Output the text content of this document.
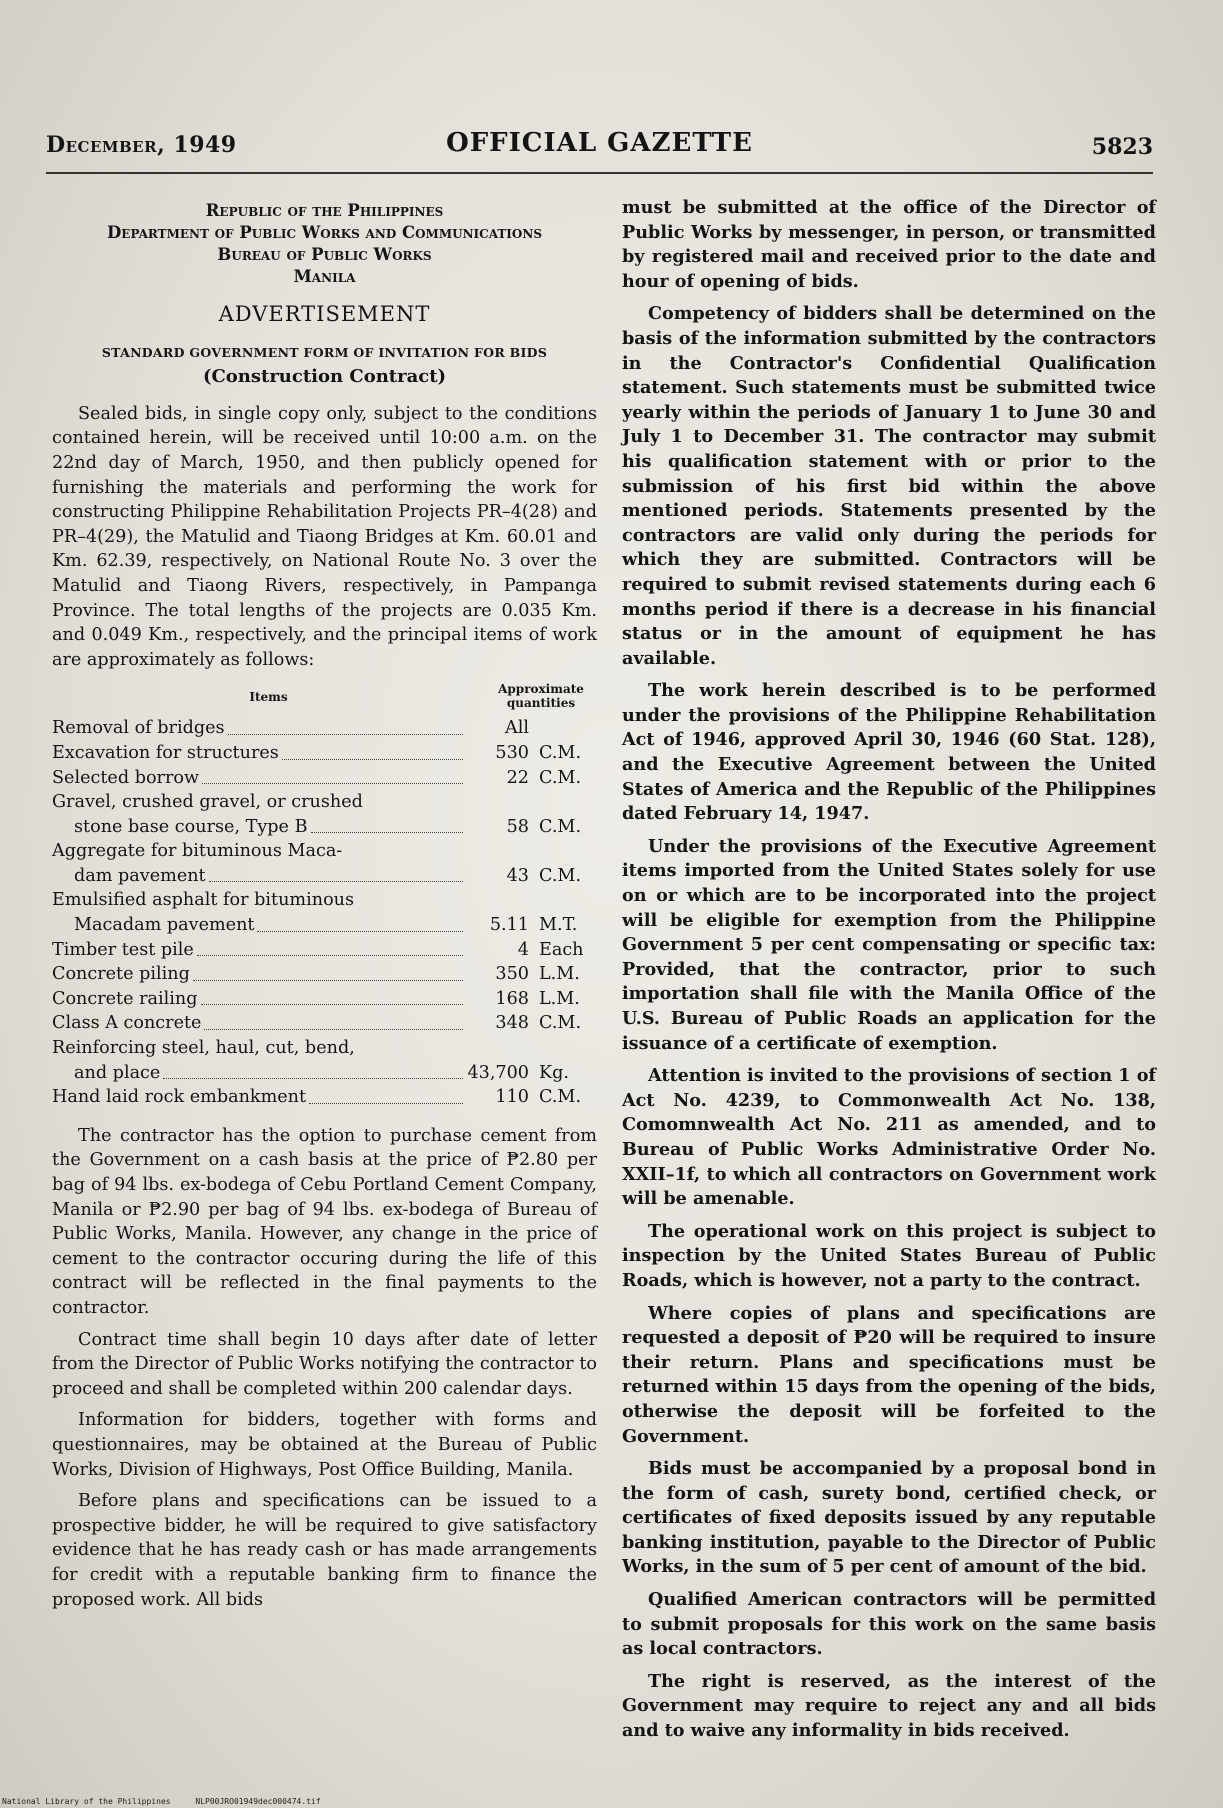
December, 1949	OFFICIAL GAZETTE	5823
Republic of the Philippines
Department of Public Works and Communications
Bureau of Public Works
Manila
ADVERTISEMENT
STANDARD GOVERNMENT FORM OF INVITATION FOR BIDS
(Construction Contract)

Sealed bids, in single copy only, subject to the conditions contained herein, will be received until 10:00 a.m. on the 22nd day of March, 1950, and then publicly opened for furnishing the materials and performing the work for constructing Philippine Rehabilitation Projects PR–4(28) and PR–4(29), the Matulid and Tiaong Bridges at Km. 60.01 and Km. 62.39, respectively, on National Route No. 3 over the Matulid and Tiaong Rivers, respectively, in Pampanga Province. The total lengths of the projects are 0.035 Km. and 0.049 Km., respectively, and the principal items of work are approximately as follows:

Items
Approximate quantities
Removal of bridges	All
Excavation for structures	530 C.M.
Selected borrow	22 C.M.
Gravel, crushed gravel, or crushed
stone base course, Type B	58 C.M.
Aggregate for bituminous Maca-
dam pavement	43 C.M.
Emulsified asphalt for bituminous
Macadam pavement	5.11 M.T.
Timber test pile	4 Each
Concrete piling	350 L.M.
Concrete railing	168 L.M.
Class A concrete	348 C.M.
Reinforcing steel, haul, cut, bend,
and place	43,700 Kg.
Hand laid rock embankment	110 C.M.

The contractor has the option to purchase cement from the Government on a cash basis at the price of ₱2.80 per bag of 94 lbs. ex-bodega of Cebu Portland Cement Company, Manila or ₱2.90 per bag of 94 lbs. ex-bodega of Bureau of Public Works, Manila. However, any change in the price of cement to the contractor occuring during the life of this contract will be reflected in the final payments to the contractor.

Contract time shall begin 10 days after date of letter from the Director of Public Works notifying the contractor to proceed and shall be completed within 200 calendar days.

Information for bidders, together with forms and questionnaires, may be obtained at the Bureau of Public Works, Division of Highways, Post Office Building, Manila.

Before plans and specifications can be issued to a prospective bidder, he will be required to give satisfactory evidence that he has ready cash or has made arrangements for credit with a reputable banking firm to finance the proposed work. All bids

must be submitted at the office of the Director of Public Works by messenger, in person, or transmitted by registered mail and received prior to the date and hour of opening of bids.

Competency of bidders shall be determined on the basis of the information submitted by the contractors in the Contractor's Confidential Qualification statement. Such statements must be submitted twice yearly within the periods of January 1 to June 30 and July 1 to December 31. The contractor may submit his qualification statement with or prior to the submission of his first bid within the above mentioned periods. Statements presented by the contractors are valid only during the periods for which they are submitted. Contractors will be required to submit revised statements during each 6 months period if there is a decrease in his financial status or in the amount of equipment he has available.

The work herein described is to be performed under the provisions of the Philippine Rehabilitation Act of 1946, approved April 30, 1946 (60 Stat. 128), and the Executive Agreement between the United States of America and the Republic of the Philippines dated February 14, 1947.

Under the provisions of the Executive Agreement items imported from the United States solely for use on or which are to be incorporated into the project will be eligible for exemption from the Philippine Government 5 per cent compensating or specific tax: Provided, that the contractor, prior to such importation shall file with the Manila Office of the U.S. Bureau of Public Roads an application for the issuance of a certificate of exemption.

Attention is invited to the provisions of section 1 of Act No. 4239, to Commonwealth Act No. 138, Comomnwealth Act No. 211 as amended, and to Bureau of Public Works Administrative Order No. XXII–1f, to which all contractors on Government work will be amenable.

The operational work on this project is subject to inspection by the United States Bureau of Public Roads, which is however, not a party to the contract.

Where copies of plans and specifications are requested a deposit of ₱20 will be required to insure their return. Plans and specifications must be returned within 15 days from the opening of the bids, otherwise the deposit will be forfeited to the Government.

Bids must be accompanied by a proposal bond in the form of cash, surety bond, certified check, or certificates of fixed deposits issued by any reputable banking institution, payable to the Director of Public Works, in the sum of 5 per cent of amount of the bid.

Qualified American contractors will be permitted to submit proposals for this work on the same basis as local contractors.

The right is reserved, as the interest of the Government may require to reject any and all bids and to waive any informality in bids received.

National Library of the Philippines	NLP00JRO01949dec000474.tif
